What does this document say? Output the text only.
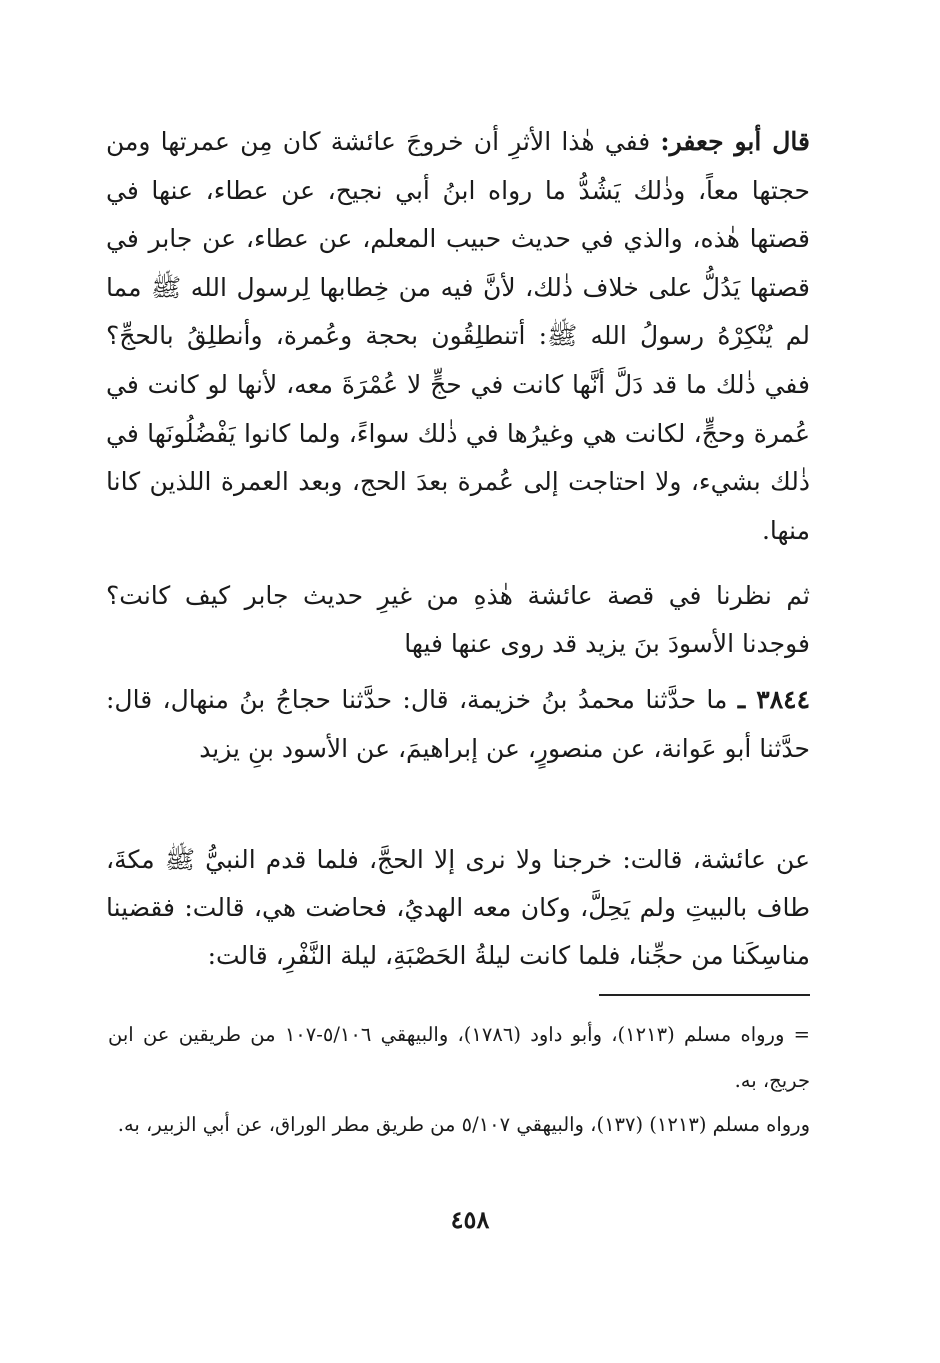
قال أبو جعفر: ففي هٰذا الأثرِ أن خروجَ عائشة كان مِن عمرتها ومن حجتها معاً، وذٰلك يَشُدُّ ما رواه ابنُ أبي نجيح، عن عطاء، عنها في قصتها هٰذه، والذي في حديث حبيب المعلم، عن عطاء، عن جابر في قصتها يَدُلُّ على خلاف ذٰلك، لأنَّ فيه من خِطابها لِرسول الله ﷺ مما لم يُنْكِرْهُ رسولُ الله ﷺ: أتنطلِقُون بحجة وعُمرة، وأنطلِقُ بالحجِّ؟ ففي ذٰلك ما قد دَلَّ أنَّها كانت في حجٍّ لا عُمْرَةَ معه، لأنها لو كانت في عُمرة وحجٍّ، لكانت هي وغيرُها في ذٰلك سواءً، ولما كانوا يَفْضُلُونَها في ذٰلك بشيء، ولا احتاجت إلى عُمرة بعدَ الحج، وبعد العمرة اللذين كانا منها.

ثم نظرنا في قصة عائشة هٰذهِ من غيرِ حديث جابر كيف كانت؟ فوجدنا الأسودَ بنَ يزيد قد روى عنها فيها

٣٨٤٤ ـ ما حدَّثنا محمدُ بنُ خزيمة، قال: حدَّثنا حجاجُ بنُ منهال، قال: حدَّثنا أبو عَوانة، عن منصورٍ، عن إبراهيمَ، عن الأسود بنِ يزيد

عن عائشة، قالت: خرجنا ولا نرى إلا الحجَّ، فلما قدم النبيُّ ﷺ مكةَ، طاف بالبيتِ ولم يَحِلَّ، وكان معه الهديُ، فحاضت هي، قالت: فقضينا مناسِكَنا من حجِّنا، فلما كانت ليلةُ الحَصْبَةِ، ليلة النَّفْرِ، قالت:

= ورواه مسلم (١٢١٣)، وأبو داود (١٧٨٦)، والبيهقي ٥/١٠٦-١٠٧ من طريقين عن ابن جريج، به.
ورواه مسلم (١٢١٣) (١٣٧)، والبيهقي ٥/١٠٧ من طريق مطر الوراق، عن أبي الزبير، به.
٤٥٨
